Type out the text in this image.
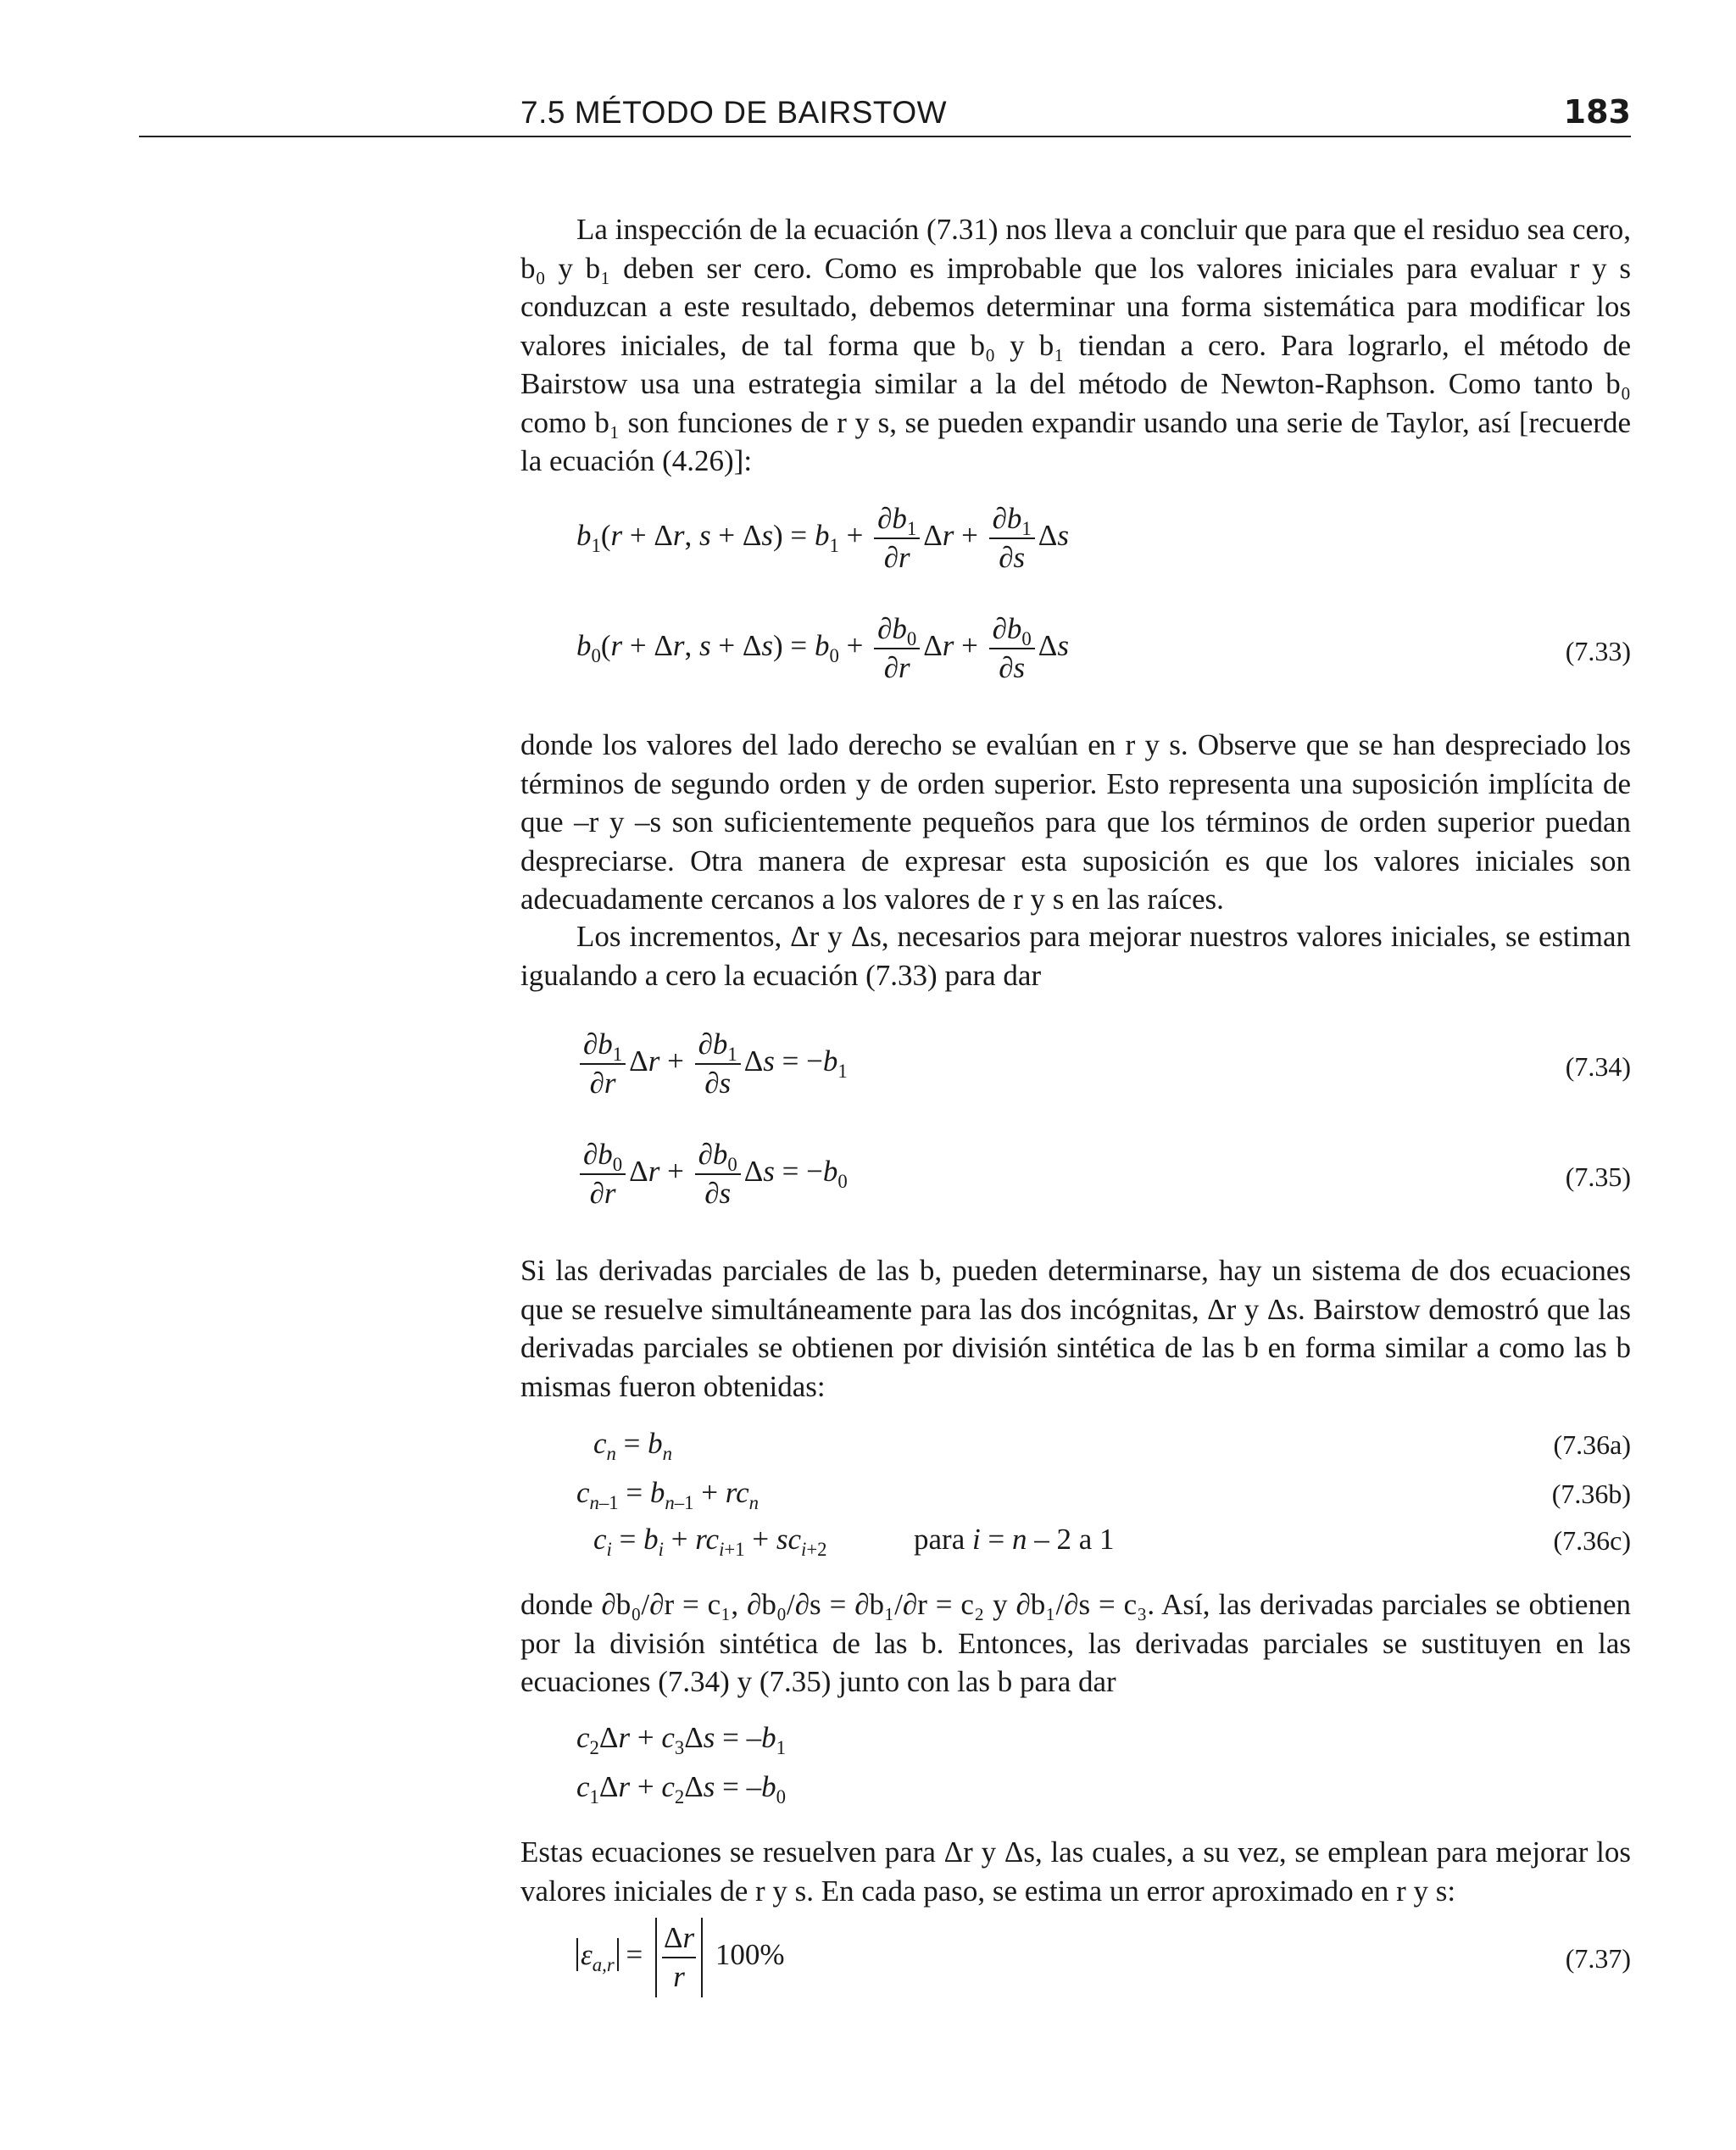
7.5 MÉTODO DE BAIRSTOW	183
La inspección de la ecuación (7.31) nos lleva a concluir que para que el residuo sea cero, b₀ y b₁ deben ser cero. Como es improbable que los valores iniciales para evaluar r y s conduzcan a este resultado, debemos determinar una forma sistemática para modificar los valores iniciales, de tal forma que b₀ y b₁ tiendan a cero. Para lograrlo, el método de Bairstow usa una estrategia similar a la del método de Newton-Raphson. Como tanto b₀ como b₁ son funciones de r y s, se pueden expandir usando una serie de Taylor, así [recuerde la ecuación (4.26)]:
$b_1(r + \Delta r$, $s + \Delta s) = b_1 + \frac{\partial b_1}{\partial r}$ $\Delta r + \frac{\partial b_1}{\partial s}$ Δs
$b_0(r + \Delta r$, $s + \Delta s) = b_0 + \frac{\partial b_0}{\partial r}$ $\Delta r + \frac{\partial b_0}{\partial s}$ Δs	(7.33)
donde los valores del lado derecho se evalúan en r y s. Observe que se han despreciado los términos de segundo orden y de orden superior. Esto representa una suposición implícita de que –r y –s son suficientemente pequeños para que los términos de orden superior puedan despreciarse. Otra manera de expresar esta suposición es que los valores iniciales son adecuadamente cercanos a los valores de r y s en las raíces.
Los incrementos, Δr y Δs, necesarios para mejorar nuestros valores iniciales, se estiman igualando a cero la ecuación (7.33) para dar
$\frac{\partial b_1}{\partial r}$ $\Delta r + \frac{\partial b_1}{\partial s}$ $\Delta s = -b_1$	(7.34)
$\frac{\partial b_0}{\partial r}$ $\Delta r + \frac{\partial b_0}{\partial s}$ $\Delta s = -b_0$	(7.35)
Si las derivadas parciales de las b, pueden determinarse, hay un sistema de dos ecuaciones que se resuelve simultáneamente para las dos incógnitas, Δr y Δs. Bairstow demostró que las derivadas parciales se obtienen por división sintética de las b en forma similar a como las b mismas fueron obtenidas:
$c_n = b_n$	(7.36a)
$c_{n-1} = b_{n-1} + rc_n$	(7.36b)
$c_i = b_i + rc_{i+1} + sc_{i+2}$	para i = n – 2 a 1	(7.36c)
donde ∂b₀/∂r = c₁, ∂b₀/∂s = ∂b₁/∂r = c₂ y ∂b₁/∂s = c₃. Así, las derivadas parciales se obtienen por la división sintética de las b. Entonces, las derivadas parciales se sustituyen en las ecuaciones (7.34) y (7.35) junto con las b para dar
$c_2\Delta r + c_3\Delta s = -b_1$
$c_1\Delta r + c_2\Delta s = -b_0$
Estas ecuaciones se resuelven para Δr y Δs, las cuales, a su vez, se emplean para mejorar los valores iniciales de r y s. En cada paso, se estima un error aproximado en r y s:
$\varepsilon_{a,r} = \frac{\Delta r}{r} 100\%$	(7.37)
